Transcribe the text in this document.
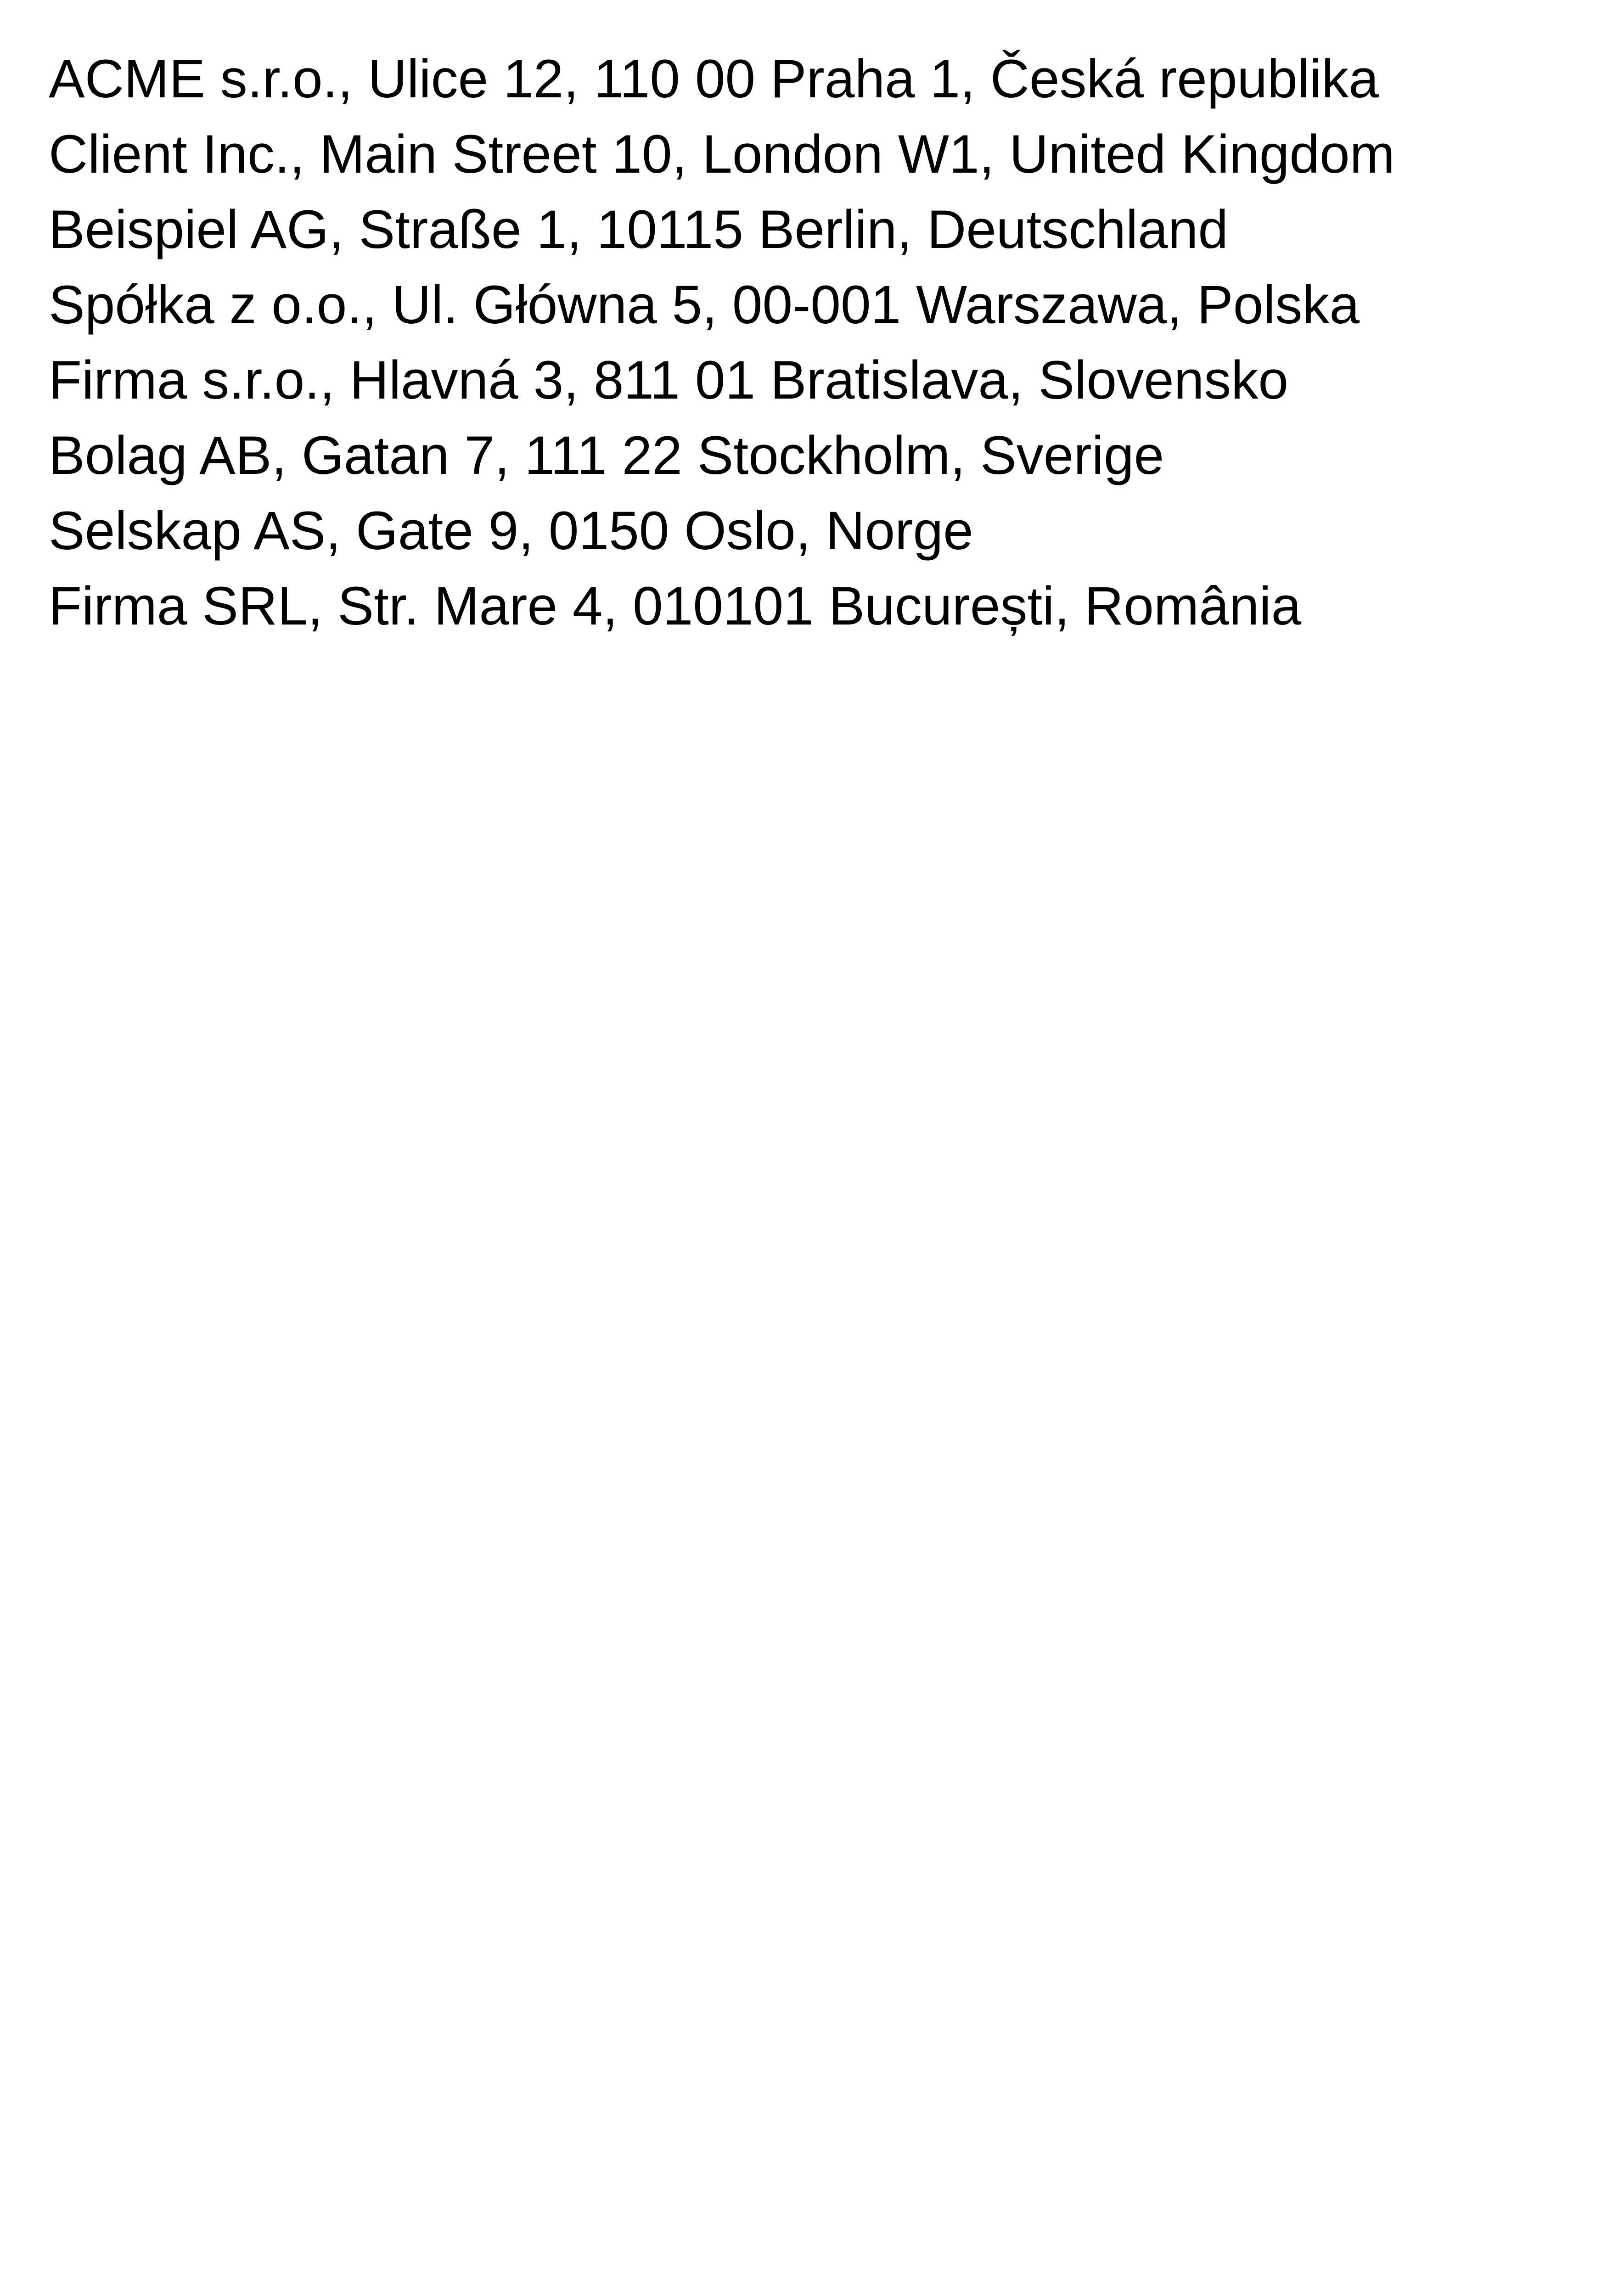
ACME s.r.o., Ulice 12, 110 00 Praha 1, Česká republika
Client Inc., Main Street 10, London W1, United Kingdom
Beispiel AG, Straße 1, 10115 Berlin, Deutschland
Spółka z o.o., Ul. Główna 5, 00-001 Warszawa, Polska
Firma s.r.o., Hlavná 3, 811 01 Bratislava, Slovensko
Bolag AB, Gatan 7, 111 22 Stockholm, Sverige
Selskap AS, Gate 9, 0150 Oslo, Norge
Firma SRL, Str. Mare 4, 010101 București, România
